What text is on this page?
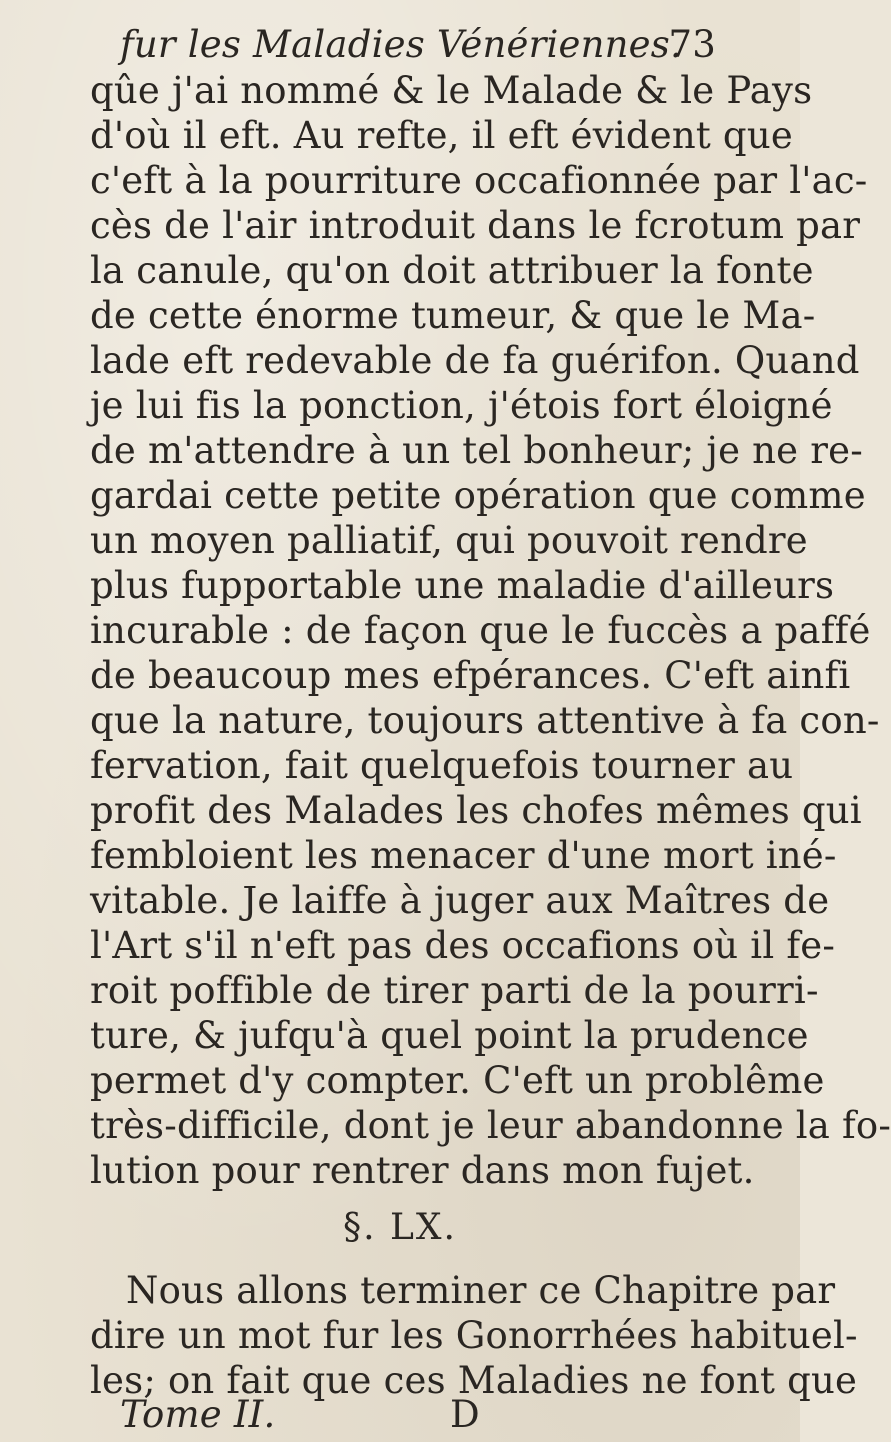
fur les Maladies Vénériennes.
73
qûe j'ai nommé & le Malade & le Pays
d'où il eft. Au refte, il eft évident que
c'eft à la pourriture occafionnée par l'ac-
cès de l'air introduit dans le fcrotum par
la canule, qu'on doit attribuer la fonte
de cette énorme tumeur, & que le Ma-
lade eft redevable de fa guérifon. Quand
je lui fis la ponction, j'étois fort éloigné
de m'attendre à un tel bonheur; je ne re-
gardai cette petite opération que comme
un moyen palliatif, qui pouvoit rendre
plus fupportable une maladie d'ailleurs
incurable : de façon que le fuccès a paffé
de beaucoup mes efpérances. C'eft ainfi
que la nature, toujours attentive à fa con-
fervation, fait quelquefois tourner au
profit des Malades les chofes mêmes qui
fembloient les menacer d'une mort iné-
vitable. Je laiffe à juger aux Maîtres de
l'Art s'il n'eft pas des occafions où il fe-
roit poffible de tirer parti de la pourri-
ture, & jufqu'à quel point la prudence
permet d'y compter. C'eft un problême
très-difficile, dont je leur abandonne la fo-
lution pour rentrer dans mon fujet.
§. LX.
Nous allons terminer ce Chapitre par
dire un mot fur les Gonorrhées habituel-
les; on fait que ces Maladies ne font que
Tome II.	D
